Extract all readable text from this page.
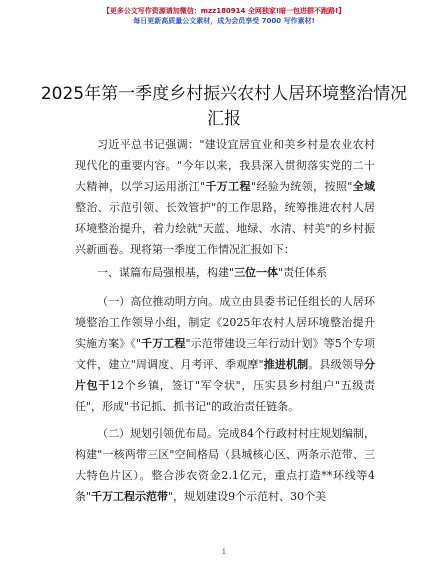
【更多公文写作资源请加微信：mzz180914 全网独家!暗一包进群不跑路!】
每日更新高质量公文素材，成为会员享受 7000 写作素材!
2025年第一季度乡村振兴农村人居环境整治情况汇报

习近平总书记强调："建设宜居宜业和美乡村是农业农村现代化的重要内容。"今年以来，我县深入贯彻落实党的二十大精神，以学习运用浙江"千万工程"经验为统领，按照"全域整治、示范引领、长效管护"的工作思路，统筹推进农村人居环境整治提升，着力绘就"天蓝、地绿、水清、村美"的乡村振兴新画卷。现将第一季度工作情况汇报如下：

一、谋篇布局强根基，构建"三位一体"责任体系

（一）高位推动明方向。成立由县委书记任组长的人居环境整治工作领导小组，制定《2025年农村人居环境整治提升实施方案》《"千万工程"示范带建设三年行动计划》等5个专项文件，建立"周调度、月考评、季观摩"推进机制。县级领导分片包干12个乡镇，签订"军令状"，压实县乡村组户"五级责任"，形成"书记抓、抓书记"的政治责任链条。

（二）规划引领优布局。完成84个行政村村庄规划编制，构建"一核两带三区"空间格局（县城核心区、两条示范带、三大特色片区）。整合涉农资金2.1亿元，重点打造**环线等4条"千万工程示范带"，规划建设9个示范村、30个美

1
